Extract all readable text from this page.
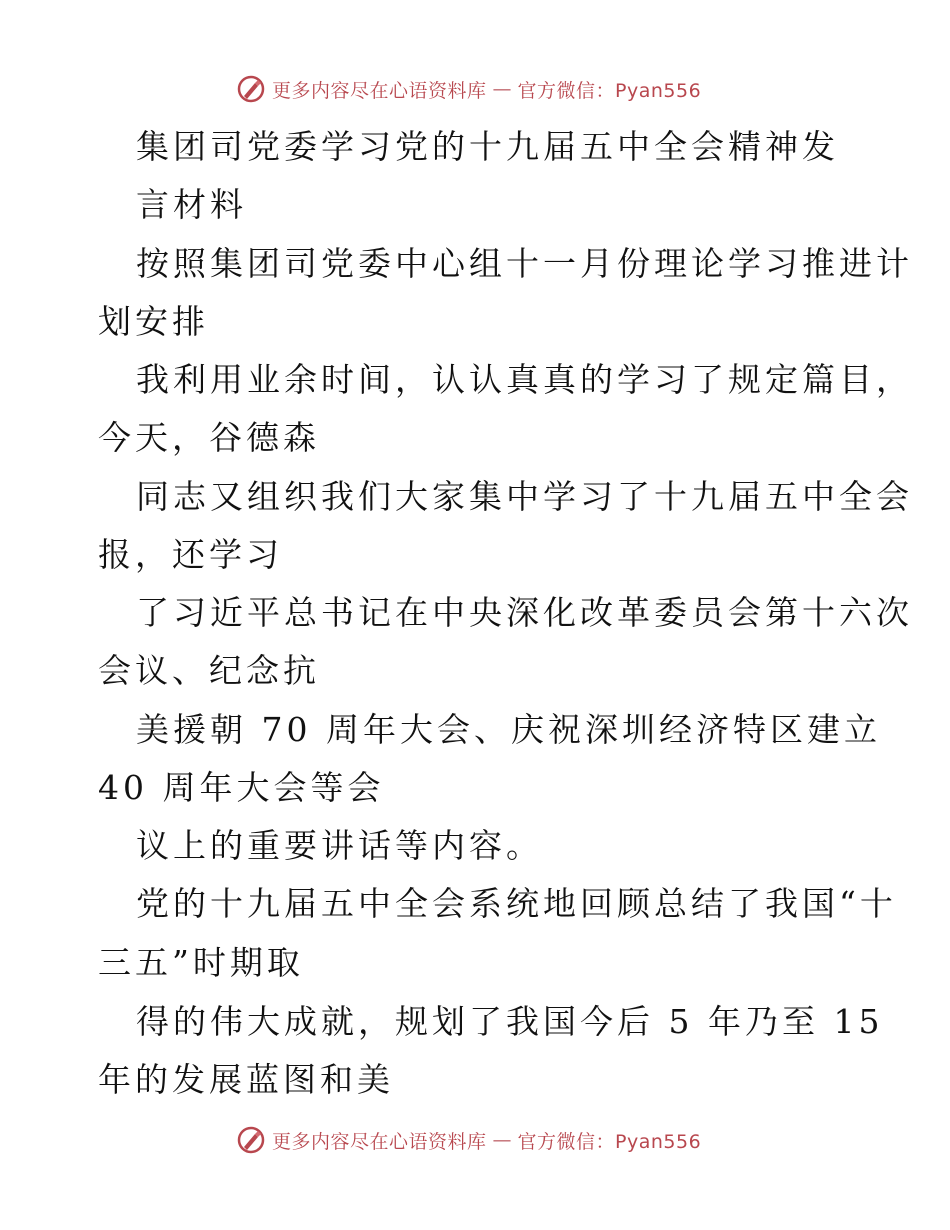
更多内容尽在心语资料库 — 官方微信：Pyan556
集团司党委学习党的十九届五中全会精神发
言材料
按照集团司党委中心组十一月份理论学习推进计
划安排
我利用业余时间，认认真真的学习了规定篇目，
今天，谷德森
同志又组织我们大家集中学习了十九届五中全会
报，还学习
了习近平总书记在中央深化改革委员会第十六次
会议、纪念抗
美援朝 70 周年大会、庆祝深圳经济特区建立
40 周年大会等会
议上的重要讲话等内容。
党的十九届五中全会系统地回顾总结了我国“十
三五”时期取
得的伟大成就，规划了我国今后 5 年乃至 15
年的发展蓝图和美
更多内容尽在心语资料库 — 官方微信：Pyan556
